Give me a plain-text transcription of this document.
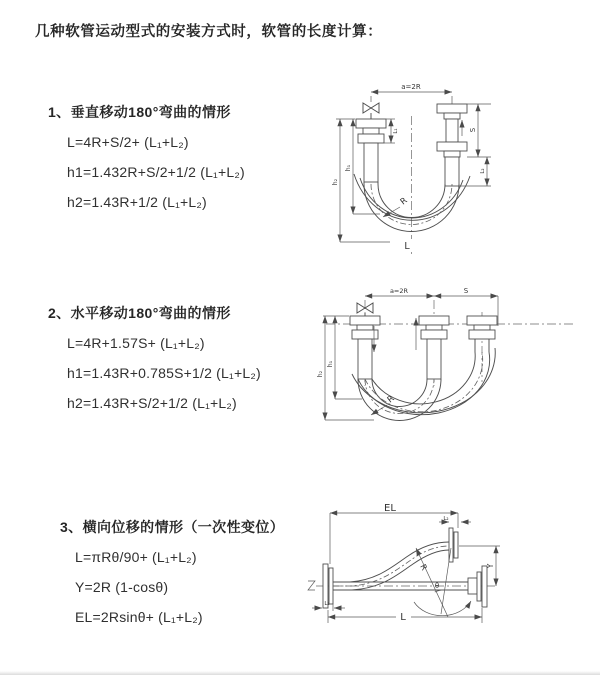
几种软管运动型式的安装方式时，软管的长度计算：
1、垂直移动180°弯曲的情形
L=4R+S/2+ (L₁+L₂)
h1=1.432R+S/2+1/2 (L₁+L₂)
h2=1.43R+1/2 (L₁+L₂)
2、水平移动180°弯曲的情形
L=4R+1.57S+ (L₁+L₂)
h1=1.43R+0.785S+1/2 (L₁+L₂)
h2=1.43R+S/2+1/2 (L₁+L₂)
3、横向位移的情形（一次性变位）
L=πRθ/90+ (L₁+L₂)
Y=2R (1-cosθ)
EL=2Rsinθ+ (L₁+L₂)
a=2R
L₁	S
L₂
h₁
h₂
R
L
a=2R	S
h₁
h₂
R
EL
L₂
θ
R	Y
L₁
L
